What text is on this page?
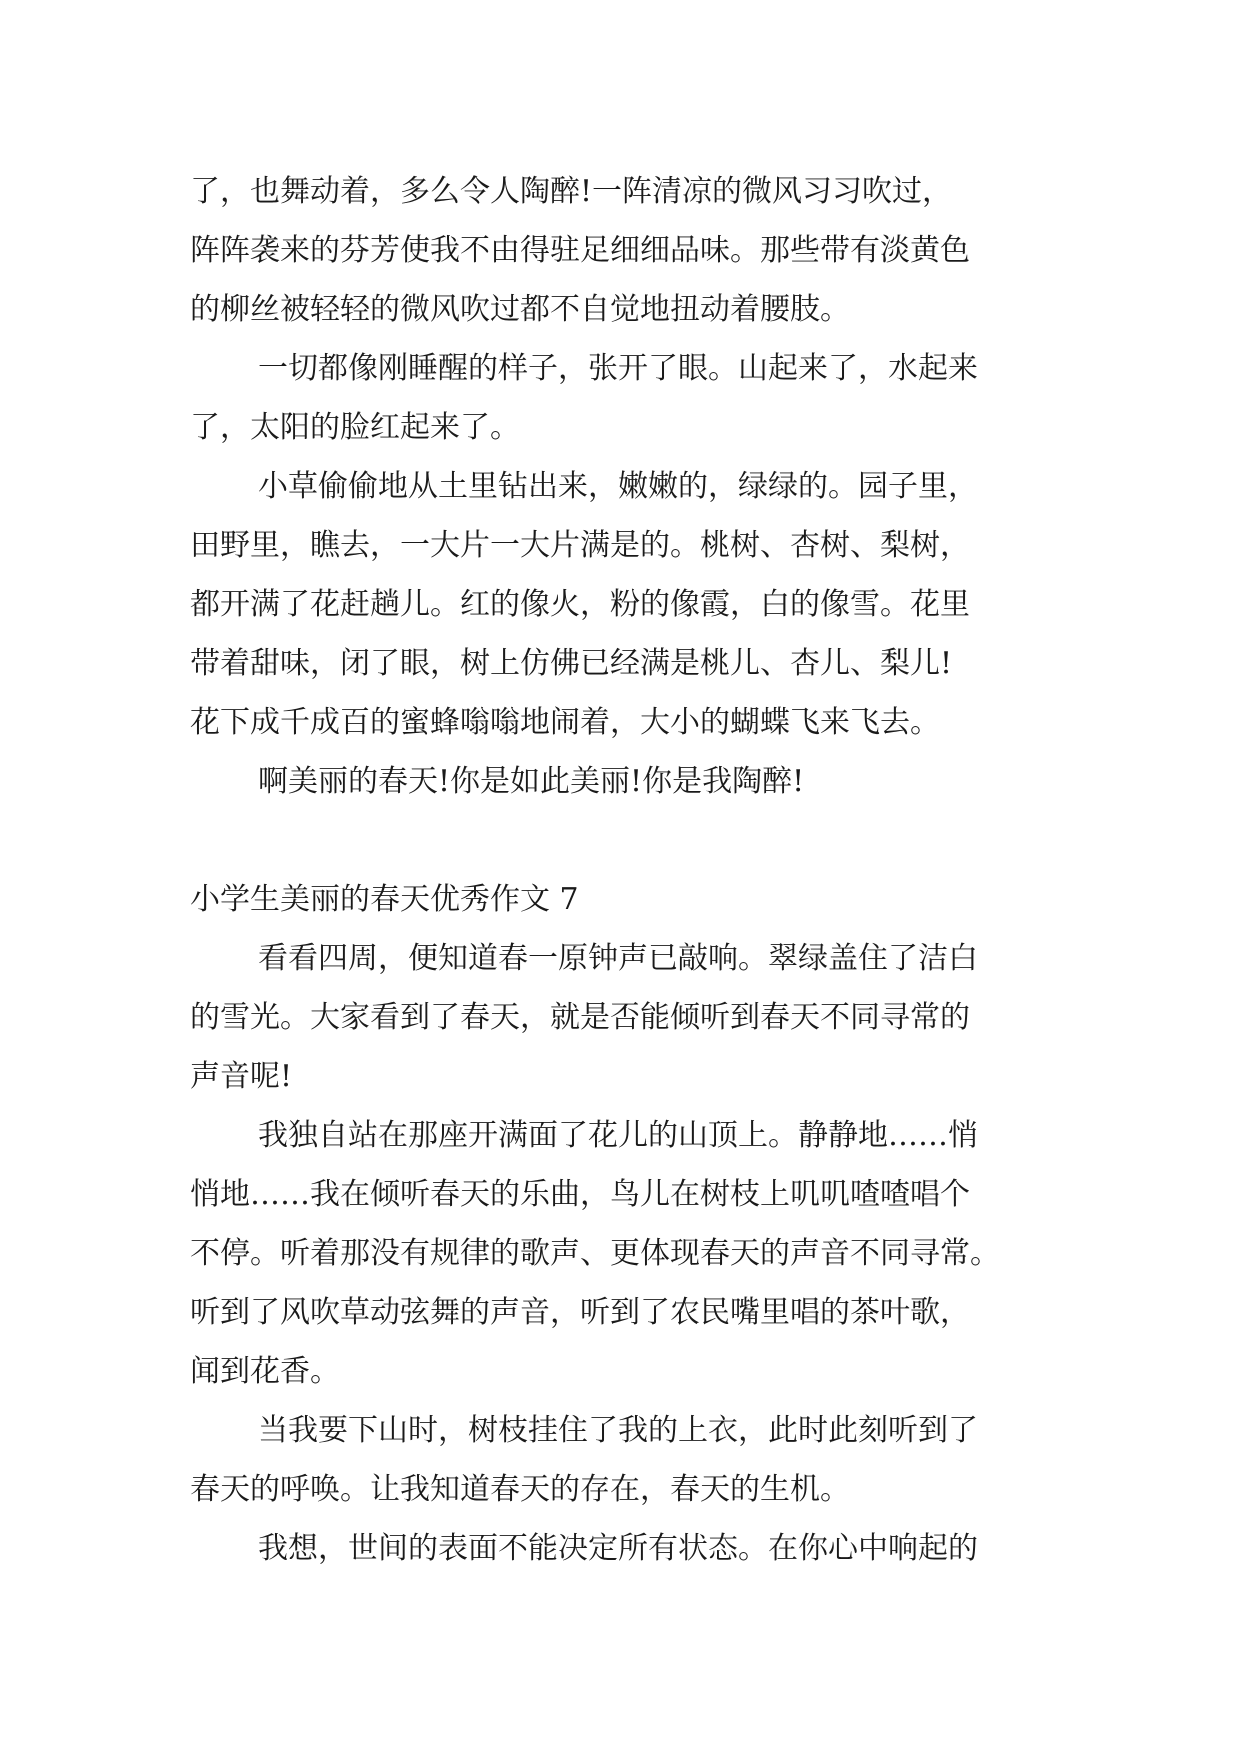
了，也舞动着，多么令人陶醉!一阵清凉的微风习习吹过，
阵阵袭来的芬芳使我不由得驻足细细品味。那些带有淡黄色
的柳丝被轻轻的微风吹过都不自觉地扭动着腰肢。
一切都像刚睡醒的样子，张开了眼。山起来了，水起来
了，太阳的脸红起来了。
小草偷偷地从土里钻出来，嫩嫩的，绿绿的。园子里，
田野里，瞧去，一大片一大片满是的。桃树、杏树、梨树，
都开满了花赶趟儿。红的像火，粉的像霞，白的像雪。花里
带着甜味，闭了眼，树上仿佛已经满是桃儿、杏儿、梨儿!
花下成千成百的蜜蜂嗡嗡地闹着，大小的蝴蝶飞来飞去。
啊美丽的春天!你是如此美丽!你是我陶醉!
小学生美丽的春天优秀作文 7
看看四周，便知道春一原钟声已敲响。翠绿盖住了洁白
的雪光。大家看到了春天，就是否能倾听到春天不同寻常的
声音呢!
我独自站在那座开满面了花儿的山顶上。静静地……悄
悄地……我在倾听春天的乐曲，鸟儿在树枝上叽叽喳喳唱个
不停。听着那没有规律的歌声、更体现春天的声音不同寻常。
听到了风吹草动弦舞的声音，听到了农民嘴里唱的茶叶歌，
闻到花香。
当我要下山时，树枝挂住了我的上衣，此时此刻听到了
春天的呼唤。让我知道春天的存在，春天的生机。
我想，世间的表面不能决定所有状态。在你心中响起的
